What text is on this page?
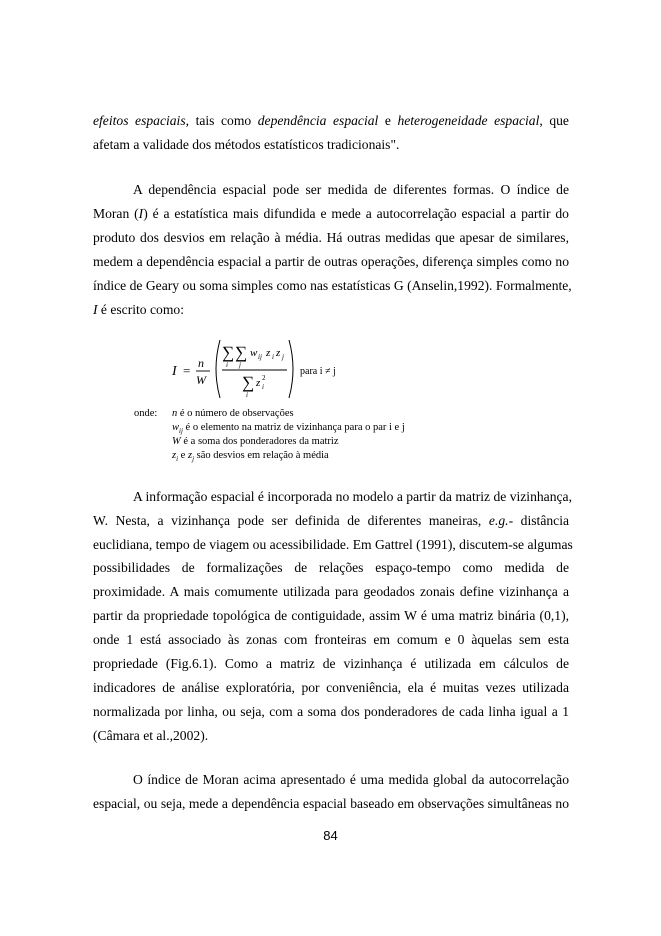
efeitos espaciais, tais como dependência espacial e heterogeneidade espacial, que
afetam a validade dos métodos estatísticos tradicionais".
A dependência espacial pode ser medida de diferentes formas. O índice de
Moran (I) é a estatística mais difundida e mede a autocorrelação espacial a partir do
produto dos desvios em relação à média. Há outras medidas que apesar de similares,
medem a dependência espacial a partir de outras operações, diferença simples como no
índice de Geary ou soma simples como nas estatísticas G (Anselin,1992). Formalmente,
I é escrito como:
I = n
W
∑ ∑ w ij z i z j
i j
∑ z 2
i
i
para i ≠ j
onde: n é o número de observações
$w_{ij}$ é o elemento na matriz de vizinhança para o par i e j
W é a soma dos ponderadores da matriz
$z_i$ e $z_j$ são desvios em relação à média
A informação espacial é incorporada no modelo a partir da matriz de vizinhança,
W. Nesta, a vizinhança pode ser definida de diferentes maneiras, e.g.- distância
euclidiana, tempo de viagem ou acessibilidade. Em Gattrel (1991), discutem-se algumas
possibilidades de formalizações de relações espaço-tempo como medida de
proximidade. A mais comumente utilizada para geodados zonais define vizinhança a
partir da propriedade topológica de contiguidade, assim W é uma matriz binária (0,1),
onde 1 está associado às zonas com fronteiras em comum e 0 àquelas sem esta
propriedade (Fig.6.1). Como a matriz de vizinhança é utilizada em cálculos de
indicadores de análise exploratória, por conveniência, ela é muitas vezes utilizada
normalizada por linha, ou seja, com a soma dos ponderadores de cada linha igual a 1
(Câmara et al.,2002).
O índice de Moran acima apresentado é uma medida global da autocorrelação
espacial, ou seja, mede a dependência espacial baseado em observações simultâneas no
84
